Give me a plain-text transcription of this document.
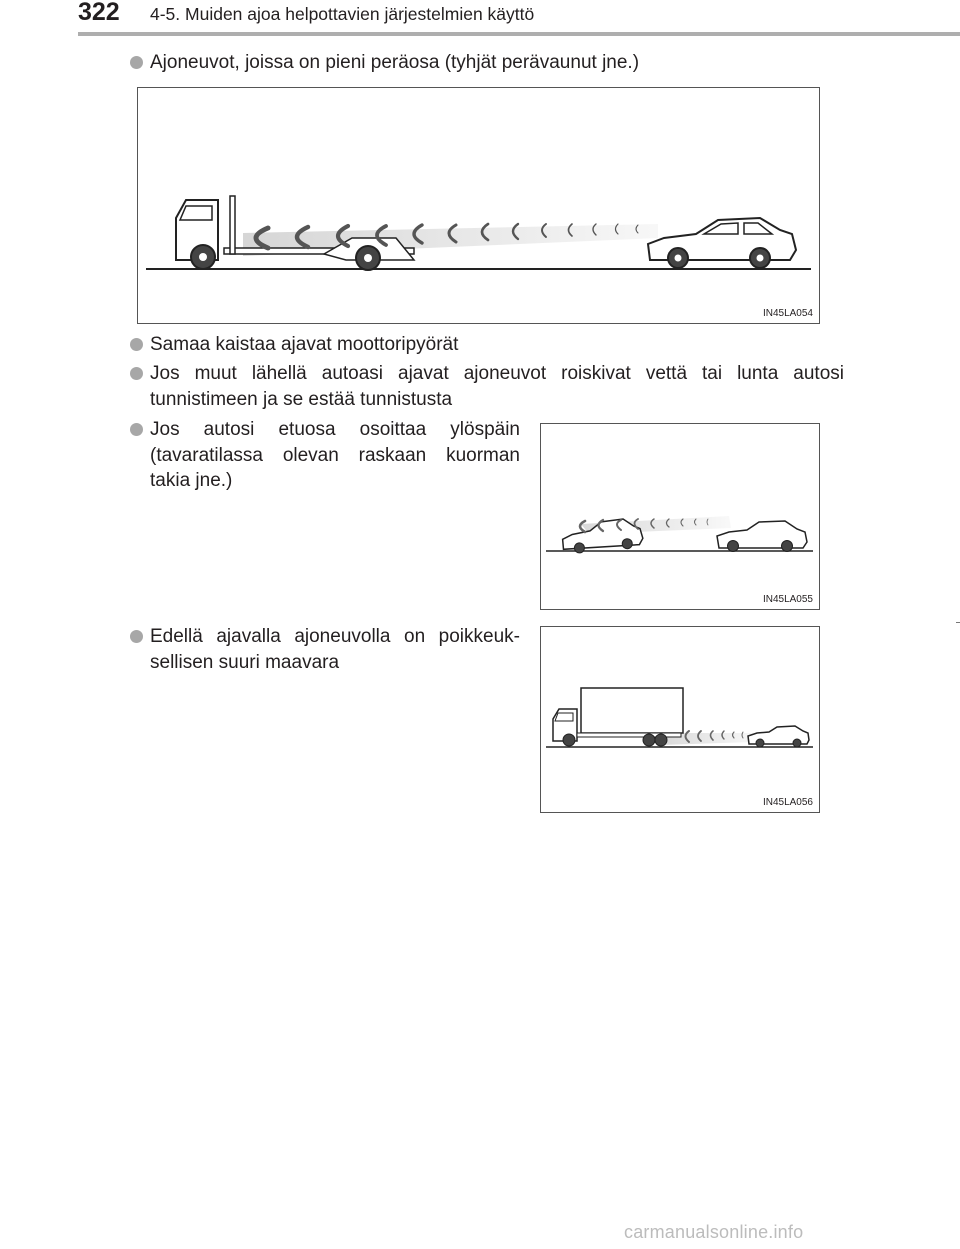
322 4-5. Muiden ajoa helpottavien järjestelmien käyttö
Ajoneuvot, joissa on pieni peräosa (tyhjät perävaunut jne.)
IN45LA054
Samaa kaistaa ajavat moottoripyörät
Jos muut lähellä autoasi ajavat ajoneuvot roiskivat vettä tai lunta autosi tunnistimeen ja se estää tunnistusta
Jos autosi etuosa osoittaa ylöspäin (tavaratilassa olevan raskaan kuorman takia jne.)
IN45LA055
Edellä ajavalla ajoneuvolla on poikkeuk-sellisen suuri maavara
IN45LA056
carmanualsonline.info
